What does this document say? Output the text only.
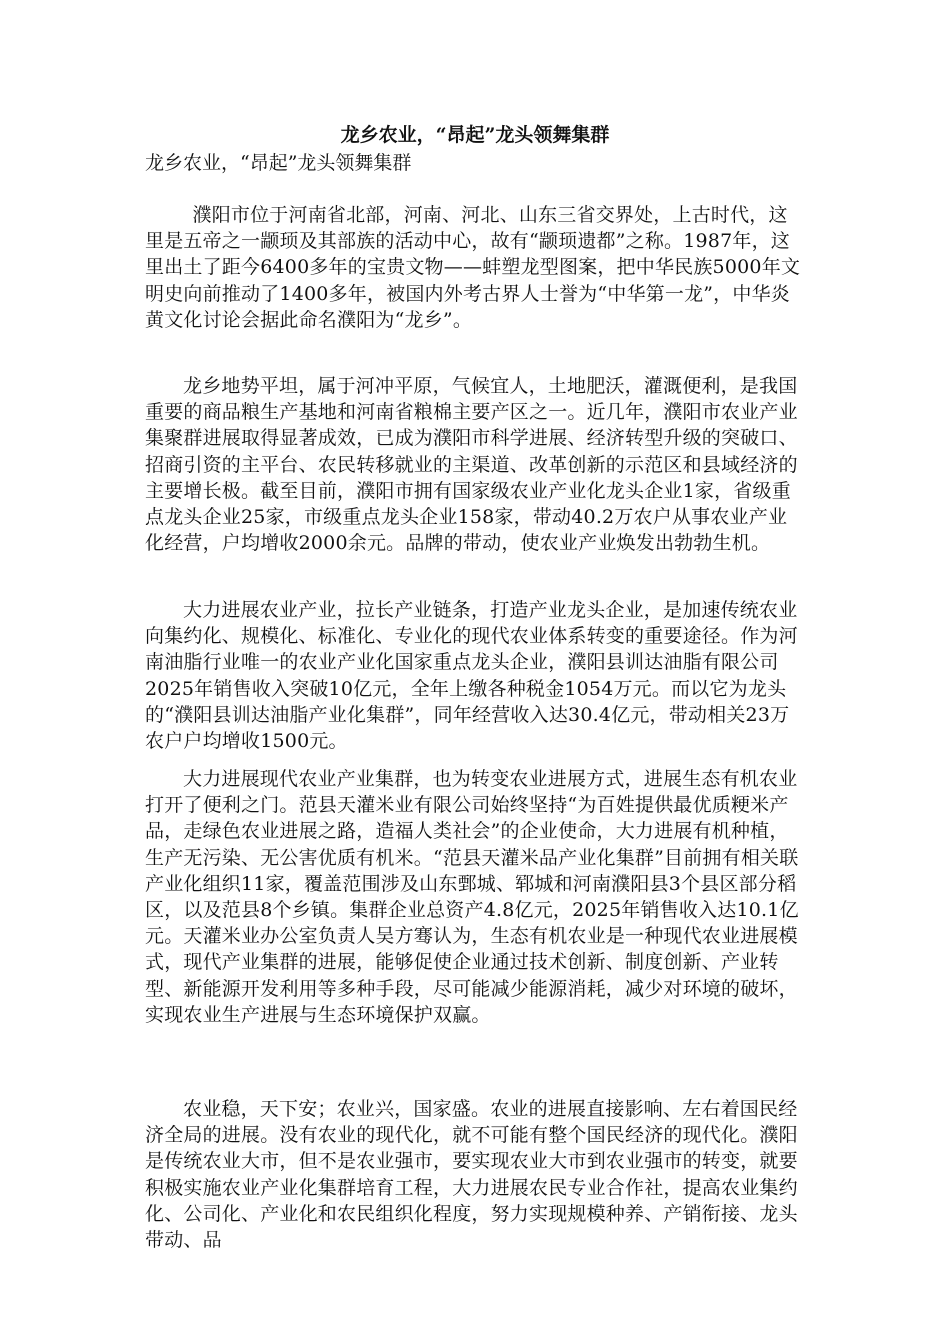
龙乡农业，“昂起”龙头领舞集群

龙乡农业，“昂起”龙头领舞集群

濮阳市位于河南省北部，河南、河北、山东三省交界处，上古时代，这里是五帝之一颛顼及其部族的活动中心，故有“颛顼遗都”之称。1987年，这里出土了距今6400多年的宝贵文物——蚌塑龙型图案，把中华民族5000年文明史向前推动了1400多年，被国内外考古界人士誉为“中华第一龙”，中华炎黄文化讨论会据此命名濮阳为“龙乡”。

龙乡地势平坦，属于河冲平原，气候宜人，土地肥沃，灌溉便利，是我国重要的商品粮生产基地和河南省粮棉主要产区之一。近几年，濮阳市农业产业集聚群进展取得显著成效，已成为濮阳市科学进展、经济转型升级的突破口、招商引资的主平台、农民转移就业的主渠道、改革创新的示范区和县域经济的主要增长极。截至目前，濮阳市拥有国家级农业产业化龙头企业1家，省级重点龙头企业25家，市级重点龙头企业158家，带动40.2万农户从事农业产业化经营，户均增收2000余元。品牌的带动，使农业产业焕发出勃勃生机。

大力进展农业产业，拉长产业链条，打造产业龙头企业，是加速传统农业向集约化、规模化、标准化、专业化的现代农业体系转变的重要途径。作为河南油脂行业唯一的农业产业化国家重点龙头企业，濮阳县训达油脂有限公司2025年销售收入突破10亿元，全年上缴各种税金1054万元。而以它为龙头的“濮阳县训达油脂产业化集群”，同年经营收入达30.4亿元，带动相关23万农户户均增收1500元。

大力进展现代农业产业集群，也为转变农业进展方式，进展生态有机农业打开了便利之门。范县天灌米业有限公司始终坚持“为百姓提供最优质粳米产品，走绿色农业进展之路，造福人类社会”的企业使命，大力进展有机种植，生产无污染、无公害优质有机米。“范县天灌米品产业化集群”目前拥有相关联产业化组织11家，覆盖范围涉及山东鄄城、郓城和河南濮阳县3个县区部分稻区，以及范县8个乡镇。集群企业总资产4.8亿元，2025年销售收入达10.1亿元。天灌米业办公室负责人吴方骞认为，生态有机农业是一种现代农业进展模式，现代产业集群的进展，能够促使企业通过技术创新、制度创新、产业转型、新能源开发利用等多种手段，尽可能减少能源消耗，减少对环境的破坏，实现农业生产进展与生态环境保护双赢。

农业稳，天下安；农业兴，国家盛。农业的进展直接影响、左右着国民经济全局的进展。没有农业的现代化，就不可能有整个国民经济的现代化。濮阳是传统农业大市，但不是农业强市，要实现农业大市到农业强市的转变，就要积极实施农业产业化集群培育工程，大力进展农民专业合作社，提高农业集约化、公司化、产业化和农民组织化程度，努力实现规模种养、产销衔接、龙头带动、品
